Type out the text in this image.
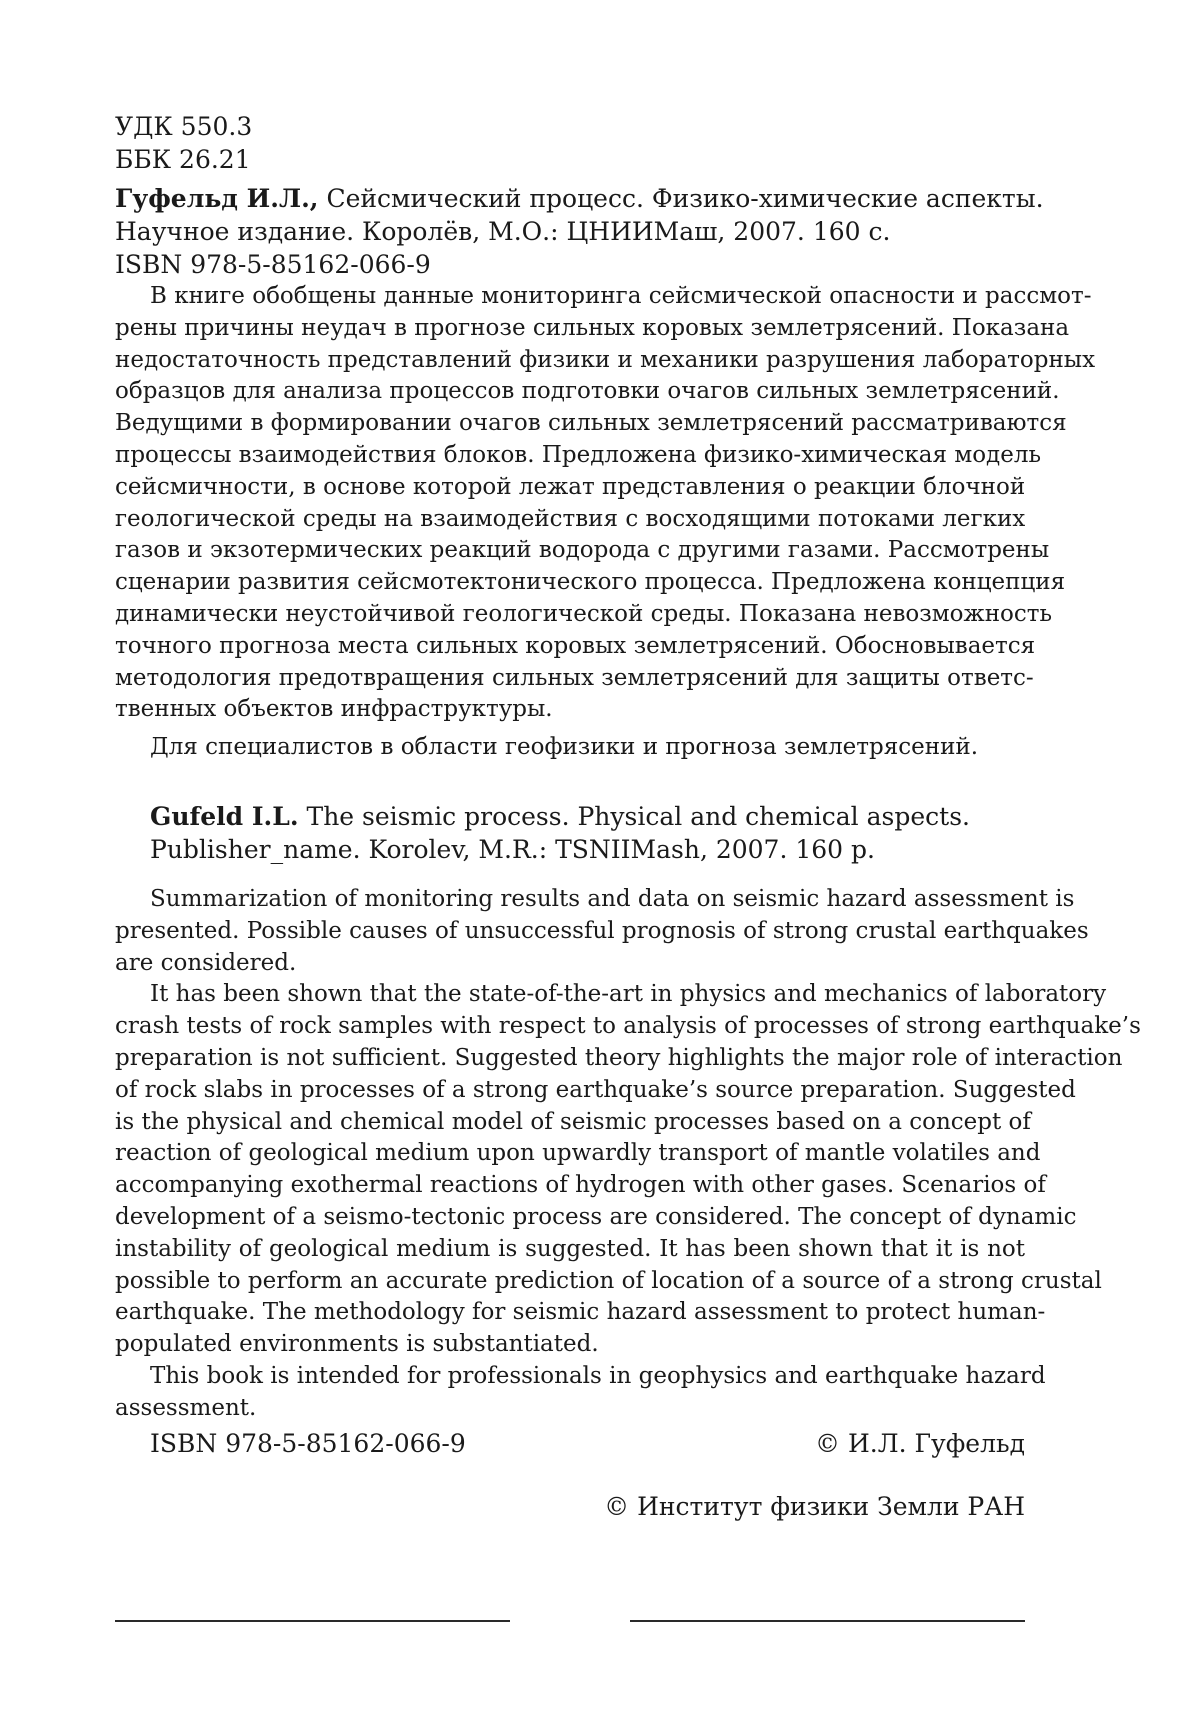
УДК 550.3
ББК 26.21
Гуфельд И.Л., Сейсмический процесс. Физико-химические аспекты.
Научное издание. Королёв, М.О.: ЦНИИМаш, 2007. 160 с.
ISBN 978-5-85162-066-9
В книге обобщены данные мониторинга сейсмической опасности и рассмот-
рены причины неудач в прогнозе сильных коровых землетрясений. Показана
недостаточность представлений физики и механики разрушения лабораторных
образцов для анализа процессов подготовки очагов сильных землетрясений.
Ведущими в формировании очагов сильных землетрясений рассматриваются
процессы взаимодействия блоков. Предложена физико-химическая модель
сейсмичности, в основе которой лежат представления о реакции блочной
геологической среды на взаимодействия с восходящими потоками легких
газов и экзотермических реакций водорода с другими газами. Рассмотрены
сценарии развития сейсмотектонического процесса. Предложена концепция
динамически неустойчивой геологической среды. Показана невозможность
точного прогноза места сильных коровых землетрясений. Обосновывается
методология предотвращения сильных землетрясений для защиты ответс-
твенных объектов инфраструктуры.
Для специалистов в области геофизики и прогноза землетрясений.
Gufeld I.L. The seismic process. Physical and chemical aspects.
Publisher_name. Korolev, M.R.: TSNIIMash, 2007. 160 p.
Summarization of monitoring results and data on seismic hazard assessment is
presented. Possible causes of unsuccessful prognosis of strong crustal earthquakes
are considered.
It has been shown that the state-of-the-art in physics and mechanics of laboratory
crash tests of rock samples with respect to analysis of processes of strong earthquake’s
preparation is not sufficient. Suggested theory highlights the major role of interaction
of rock slabs in processes of a strong earthquake’s source preparation. Suggested
is the physical and chemical model of seismic processes based on a concept of
reaction of geological medium upon upwardly transport of mantle volatiles and
accompanying exothermal reactions of hydrogen with other gases. Scenarios of
development of a seismo-tectonic process are considered. The concept of dynamic
instability of geological medium is suggested. It has been shown that it is not
possible to perform an accurate prediction of location of a source of a strong crustal
earthquake. The methodology for seismic hazard assessment to protect human-
populated environments is substantiated.
This book is intended for professionals in geophysics and earthquake hazard
assessment.
ISBN 978-5-85162-066-9	© И.Л. Гуфельд
© Институт физики Земли РАН
